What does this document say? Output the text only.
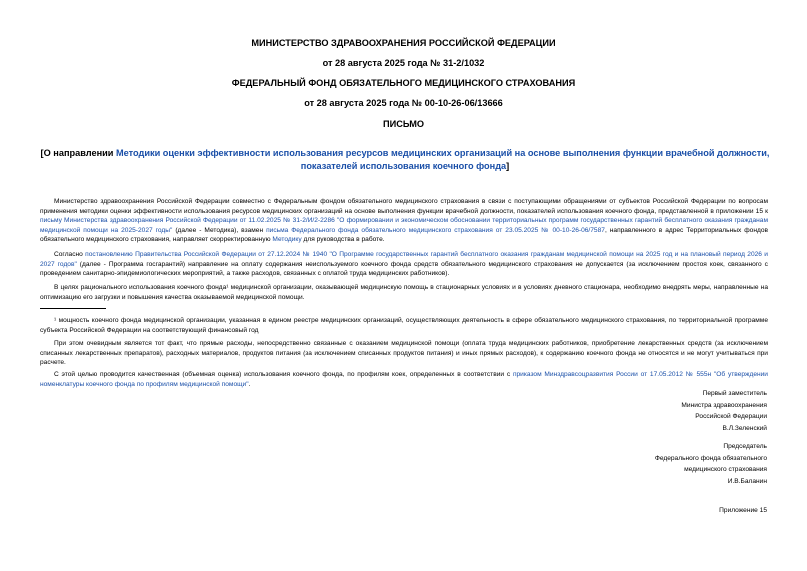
МИНИСТЕРСТВО ЗДРАВООХРАНЕНИЯ РОССИЙСКОЙ ФЕДЕРАЦИИ
от 28 августа 2025 года № 31-2/1032
ФЕДЕРАЛЬНЫЙ ФОНД ОБЯЗАТЕЛЬНОГО МЕДИЦИНСКОГО СТРАХОВАНИЯ
от 28 августа 2025 года № 00-10-26-06/13666
ПИСЬМО
[О направлении Методики оценки эффективности использования ресурсов медицинских организаций на основе выполнения функции врачебной должности, показателей использования коечного фонда]
Министерство здравоохранения Российской Федерации совместно с Федеральным фондом обязательного медицинского страхования в связи с поступающими обращениями от субъектов Российской Федерации по вопросам применения методики оценки эффективности использования ресурсов медицинских организаций на основе выполнения функции врачебной должности, показателей использования коечного фонда, представленной в приложении 15 к письму Министерства здравоохранения Российской Федерации от 11.02.2025 № 31-2/И/2-2286 "О формировании и экономическом обосновании территориальных программ государственных гарантий бесплатного оказания гражданам медицинской помощи на 2025-2027 годы" (далее - Методика), взамен письма Федерального фонда обязательного медицинского страхования от 23.05.2025 № 00-10-26-06/7587, направленного в адрес Территориальных фондов обязательного медицинского страхования, направляет скорректированную Методику для руководства в работе.
Согласно постановлению Правительства Российской Федерации от 27.12.2024 № 1940 "О Программе государственных гарантий бесплатного оказания гражданам медицинской помощи на 2025 год и на плановый период 2026 и 2027 годов" (далее - Программа госгарантий) направление на оплату содержания неиспользуемого коечного фонда средств обязательного медицинского страхования не допускается (за исключением простоя коек, связанного с проведением санитарно-эпидемиологических мероприятий, а также расходов, связанных с оплатой труда медицинских работников).
В целях рационального использования коечного фонда¹ медицинской организации, оказывающей медицинскую помощь в стационарных условиях и в условиях дневного стационара, необходимо внедрять меры, направленные на оптимизацию его загрузки и повышения качества оказываемой медицинской помощи.
¹ мощность коечного фонда медицинской организации, указанная в едином реестре медицинских организаций, осуществляющих деятельность в сфере обязательного медицинского страхования, по территориальной программе субъекта Российской Федерации на соответствующий финансовый год
При этом очевидным является тот факт, что прямые расходы, непосредственно связанные с оказанием медицинской помощи (оплата труда медицинских работников, приобретение лекарственных средств (за исключением списанных лекарственных препаратов), расходных материалов, продуктов питания (за исключением списанных продуктов питания) и иных прямых расходов), к содержанию коечного фонда не относятся и не могут учитываться при расчете.
С этой целью проводится качественная (объемная оценка) использования коечного фонда, по профилям коек, определенных в соответствии с приказом Минздравсоцразвития России от 17.05.2012 № 555н "Об утверждении номенклатуры коечного фонда по профилям медицинской помощи".
Первый заместитель
Министра здравоохранения
Российской Федерации
В.Л.Зеленский
Председатель
Федерального фонда обязательного
медицинского страхования
И.В.Баланин
Приложение 15
